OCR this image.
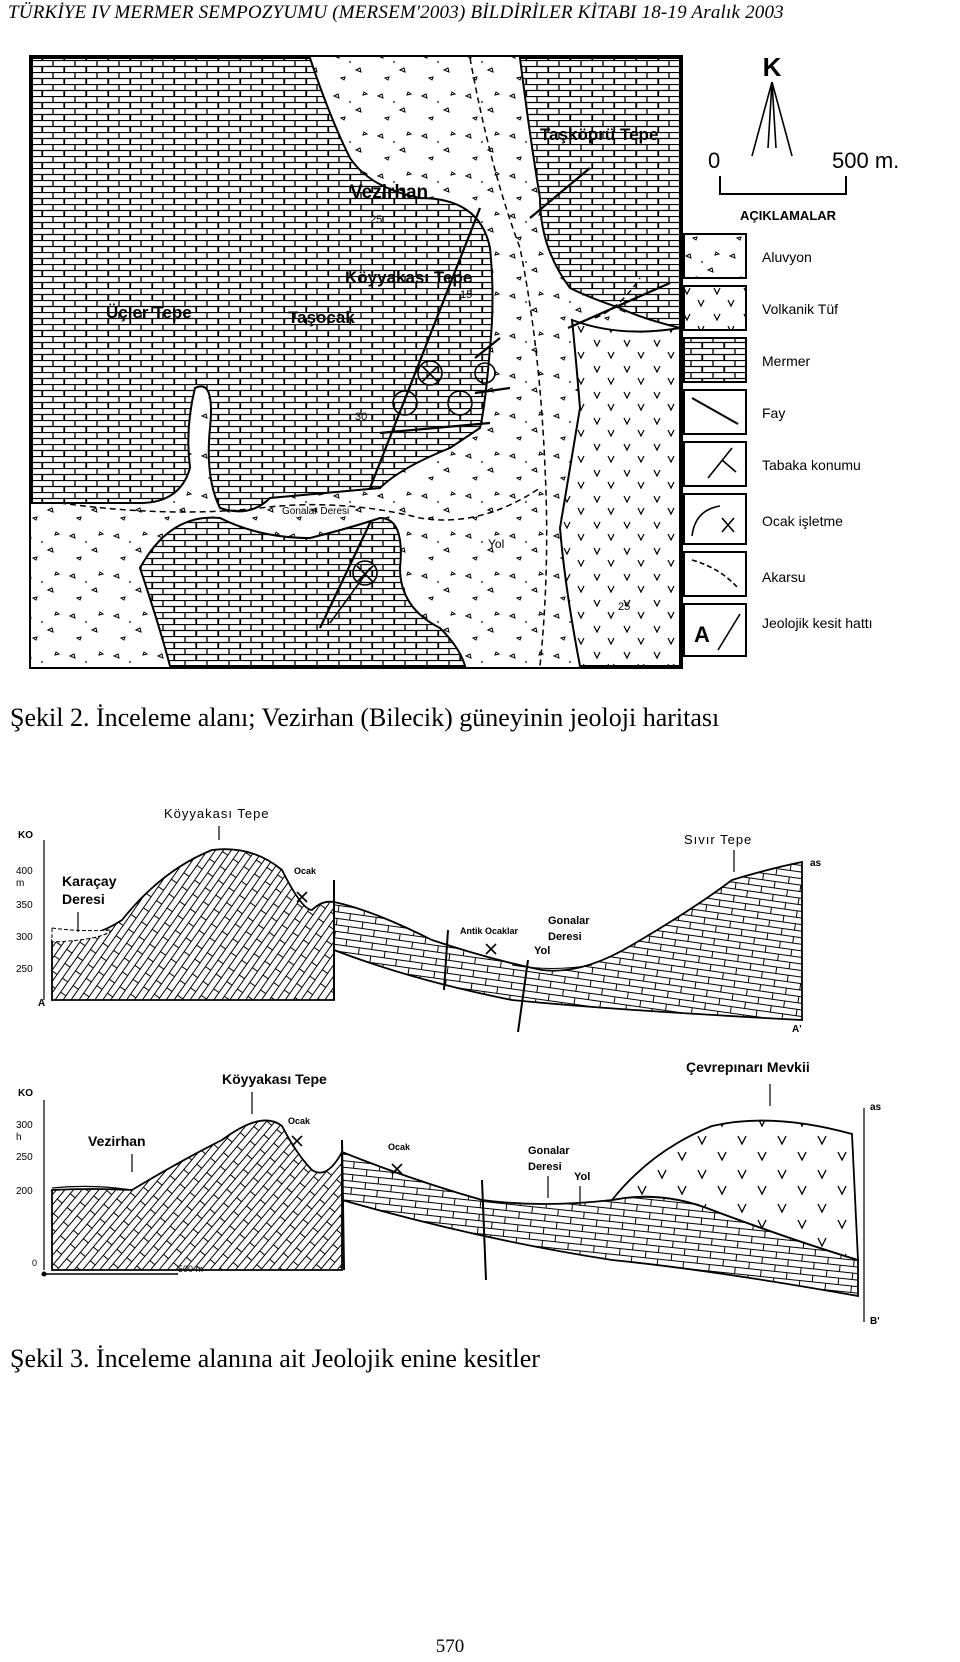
TÜRKİYE IV MERMER SEMPOZYUMU (MERSEM'2003) BİLDİRİLER KİTABI 18-19 Aralık 2003
Taşköprü Tepe
Vezirhan
Köyyakası Tepe
Üçler Tepe	Taşocak
Gonalar Deresi
Yol
25
30
15
25
K
0	500 m.
AÇIKLAMALAR
A
Aluvyon
Volkanik Tüf
Mermer
Fay
Tabaka konumu
Ocak işletme
Akarsu
Jeolojik kesit hattı
Şekil 2. İnceleme alanı; Vezirhan (Bilecik) güneyinin jeoloji haritası
Köyyakası Tepe
Sıvır Tepe
KO
400
m
350
300
250
Karaçay
Deresi
Ocak
Antik Ocaklar
Gonalar
Deresi
Yol
A
A'
as
Köyyakası Tepe
Çevrepınarı Mevkii
KO
300
h
250
200
Vezirhan
Ocak
Ocak	Gonalar
Deresi
Yol
0
500 m
as
B'
Şekil 3. İnceleme alanına ait Jeolojik enine kesitler
570
